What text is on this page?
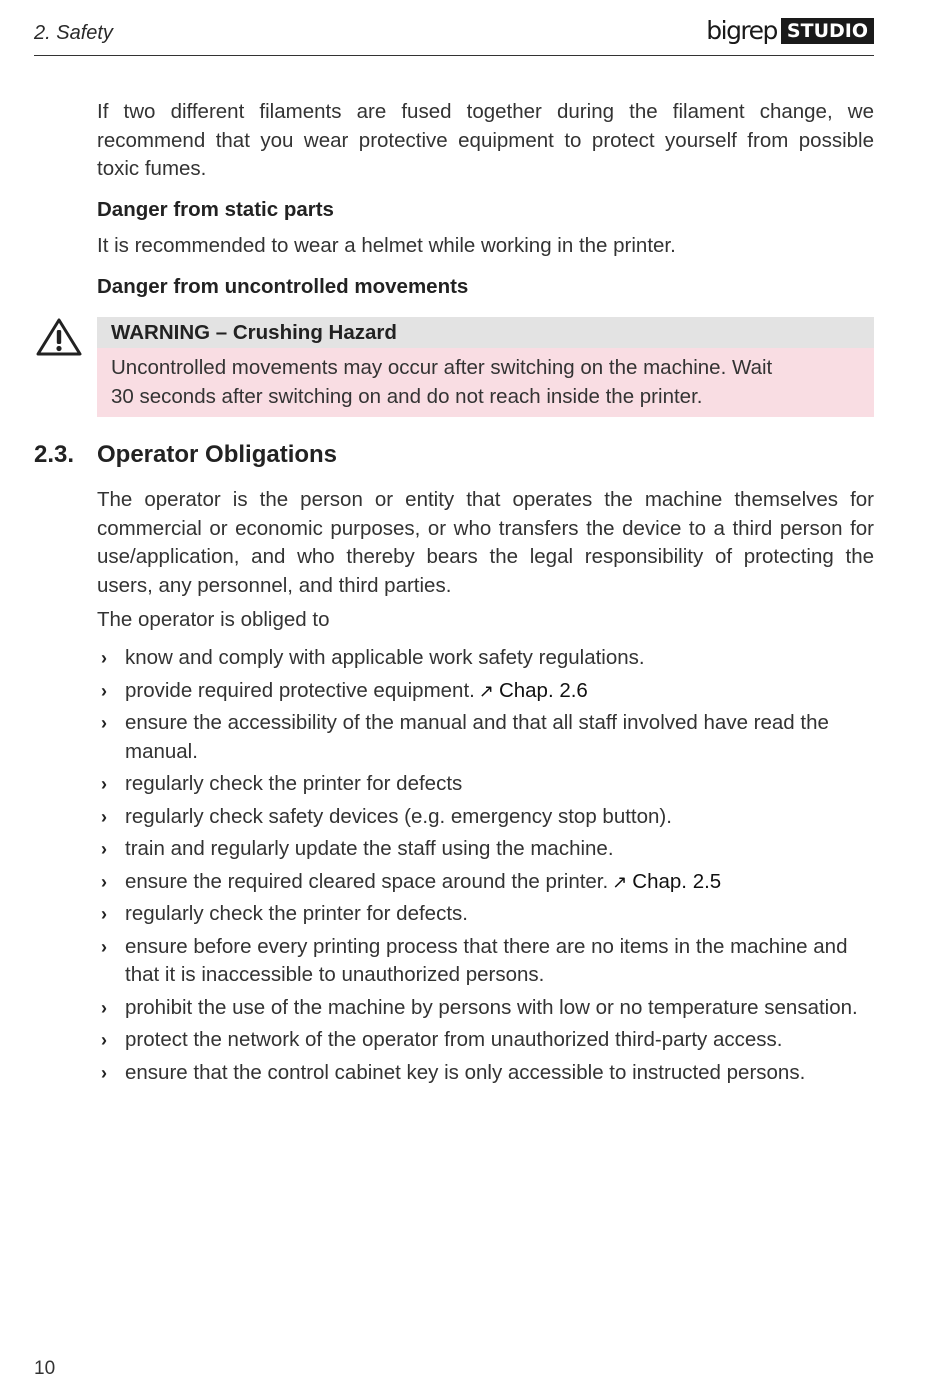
2. Safety	bigrep STUDIO

If two different filaments are fused together during the filament change, we recommend that you wear protective equipment to protect yourself from possible toxic fumes.

Danger from static parts

It is recommended to wear a helmet while working in the printer.

Danger from uncontrolled movements

WARNING – Crushing Hazard
Uncontrolled movements may occur after switching on the machine. Wait
30 seconds after switching on and do not reach inside the printer.
2.3. Operator Obligations

The operator is the person or entity that operates the machine themselves for commercial or economic purposes, or who transfers the device to a third person for use/application, and who thereby bears the legal responsibility of protecting the users, any personnel, and third parties.

The operator is obliged to

› know and comply with applicable work safety regulations.
› provide required protective equipment. ↗ Chap. 2.6
› ensure the accessibility of the manual and that all staff involved have read the manual.
› regularly check the printer for defects
› regularly check safety devices (e.g. emergency stop button).
› train and regularly update the staff using the machine.
› ensure the required cleared space around the printer. ↗ Chap. 2.5
› regularly check the printer for defects.
› ensure before every printing process that there are no items in the machine and that it is inaccessible to unauthorized persons.
› prohibit the use of the machine by persons with low or no temperature sensation.
› protect the network of the operator from unauthorized third-party access.
› ensure that the control cabinet key is only accessible to instructed persons.
10
